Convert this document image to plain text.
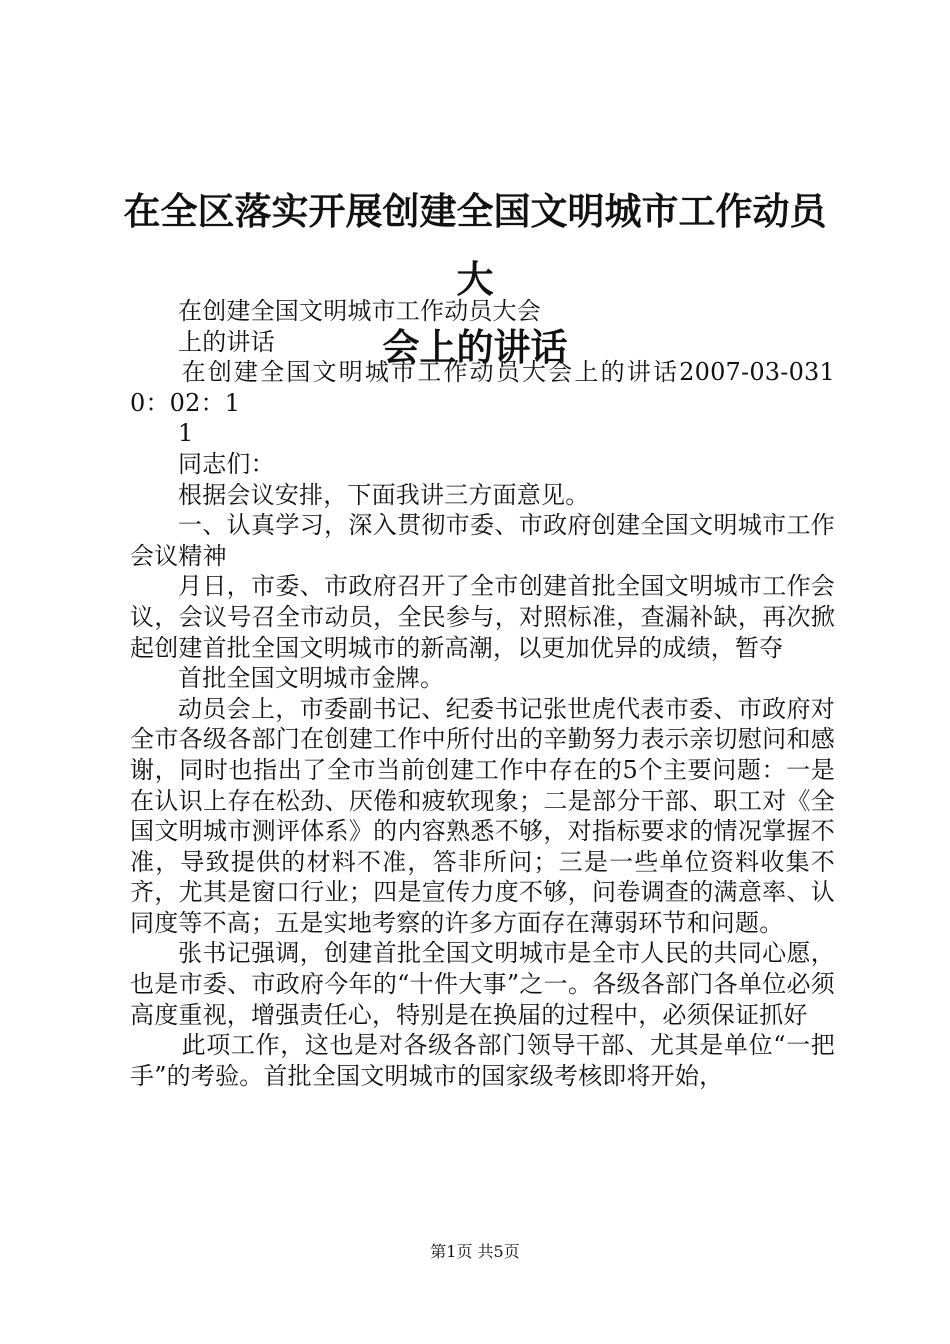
在全区落实开展创建全国文明城市工作动员大
会上的讲话

在创建全国文明城市工作动员大会

上的讲话

在创建全国文明城市工作动员大会上的讲话2007-03-0310：02：1

1

同志们：

根据会议安排，下面我讲三方面意见。

一、认真学习，深入贯彻市委、市政府创建全国文明城市工作会议精神

月日，市委、市政府召开了全市创建首批全国文明城市工作会议，会议号召全市动员，全民参与，对照标准，查漏补缺，再次掀起创建首批全国文明城市的新高潮，以更加优异的成绩，暂夺

首批全国文明城市金牌。

动员会上，市委副书记、纪委书记张世虎代表市委、市政府对全市各级各部门在创建工作中所付出的辛勤努力表示亲切慰问和感谢，同时也指出了全市当前创建工作中存在的5个主要问题：一是在认识上存在松劲、厌倦和疲软现象；二是部分干部、职工对《全国文明城市测评体系》的内容熟悉不够，对指标要求的情况掌握不准，导致提供的材料不准，答非所问；三是一些单位资料收集不齐，尤其是窗口行业；四是宣传力度不够，问卷调查的满意率、认同度等不高；五是实地考察的许多方面存在薄弱环节和问题。

张书记强调，创建首批全国文明城市是全市人民的共同心愿，也是市委、市政府今年的“十件大事”之一。各级各部门各单位必须高度重视，增强责任心，特别是在换届的过程中，必须保证抓好

此项工作，这也是对各级各部门领导干部、尤其是单位“一把手”的考验。首批全国文明城市的国家级考核即将开始，

第1页 共5页
